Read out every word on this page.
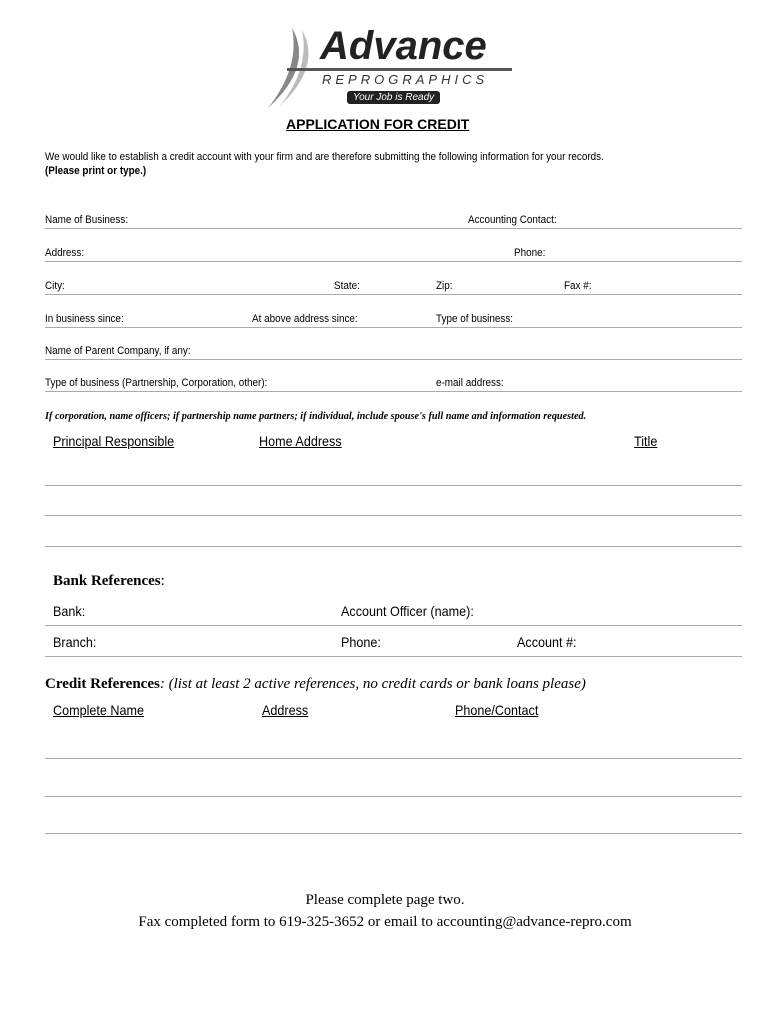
Advance
REPROGRAPHICS
Your Job is Ready
APPLICATION FOR CREDIT
We would like to establish a credit account with your firm and are therefore submitting the following information for your records.
(Please print or type.)
Name of Business:	Accounting Contact:
Address:	Phone:
City:	State:	Zip:	Fax #:
In business since:	At above address since:	Type of business:
Name of Parent Company, if any:
Type of business (Partnership, Corporation, other):	e-mail address:
If corporation, name officers; if partnership name partners; if individual, include spouse's full name and information requested.
Principal Responsible	Home Address	Title
Bank References:
Bank:	Account Officer (name):
Branch:	Phone:	Account #:
Credit References: (list at least 2 active references, no credit cards or bank loans please)
Complete Name	Address	Phone/Contact
Please complete page two.
Fax completed form to 619-325-3652 or email to accounting@advance-repro.com
